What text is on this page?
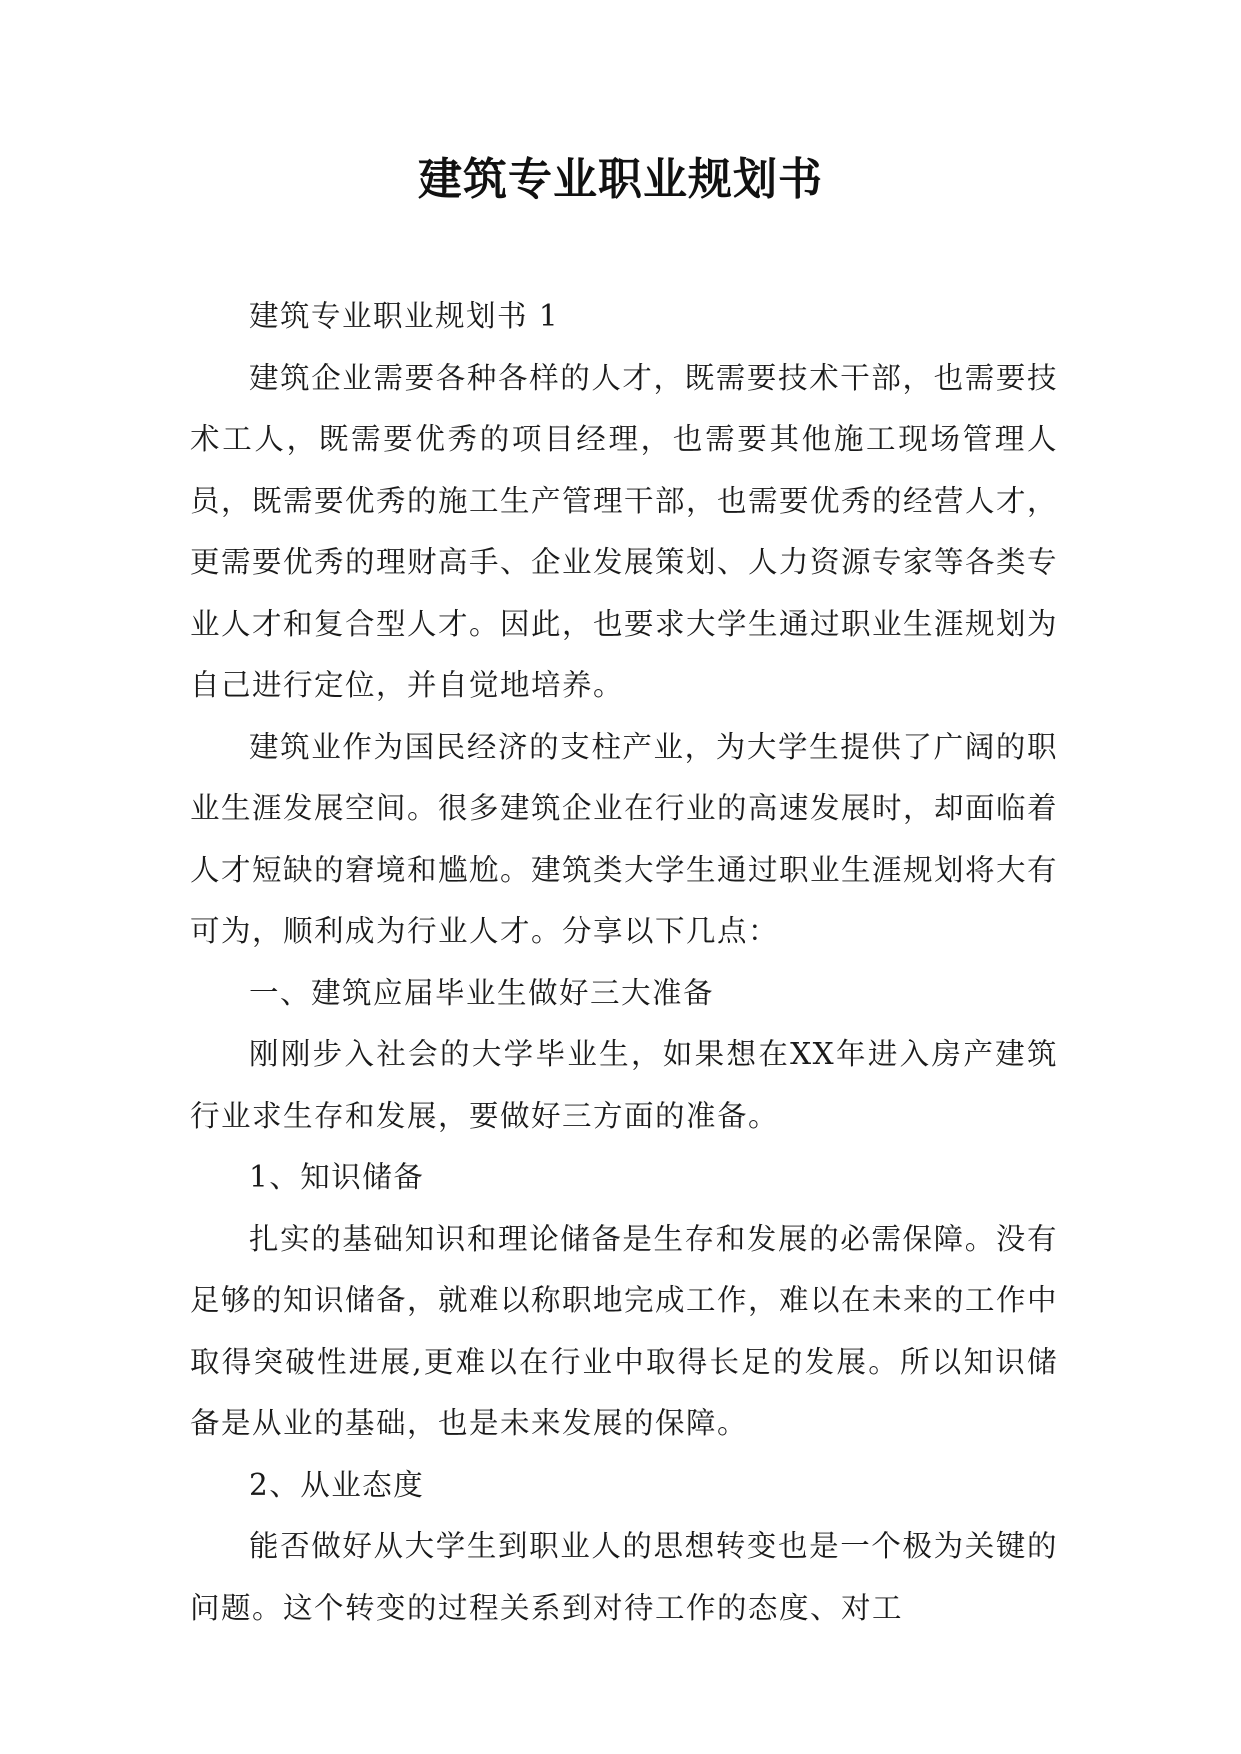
建筑专业职业规划书

建筑专业职业规划书 1

建筑企业需要各种各样的人才，既需要技术干部，也需要技术工人，既需要优秀的项目经理，也需要其他施工现场管理人员，既需要优秀的施工生产管理干部，也需要优秀的经营人才，更需要优秀的理财高手、企业发展策划、人力资源专家等各类专业人才和复合型人才。因此，也要求大学生通过职业生涯规划为自己进行定位，并自觉地培养。

建筑业作为国民经济的支柱产业，为大学生提供了广阔的职业生涯发展空间。很多建筑企业在行业的高速发展时，却面临着人才短缺的窘境和尴尬。建筑类大学生通过职业生涯规划将大有可为，顺利成为行业人才。分享以下几点：

一、建筑应届毕业生做好三大准备

刚刚步入社会的大学毕业生，如果想在XX年进入房产建筑行业求生存和发展，要做好三方面的准备。

1、知识储备

扎实的基础知识和理论储备是生存和发展的必需保障。没有足够的知识储备，就难以称职地完成工作，难以在未来的工作中取得突破性进展,更难以在行业中取得长足的发展。所以知识储备是从业的基础，也是未来发展的保障。

2、从业态度

能否做好从大学生到职业人的思想转变也是一个极为关键的问题。这个转变的过程关系到对待工作的态度、对工
